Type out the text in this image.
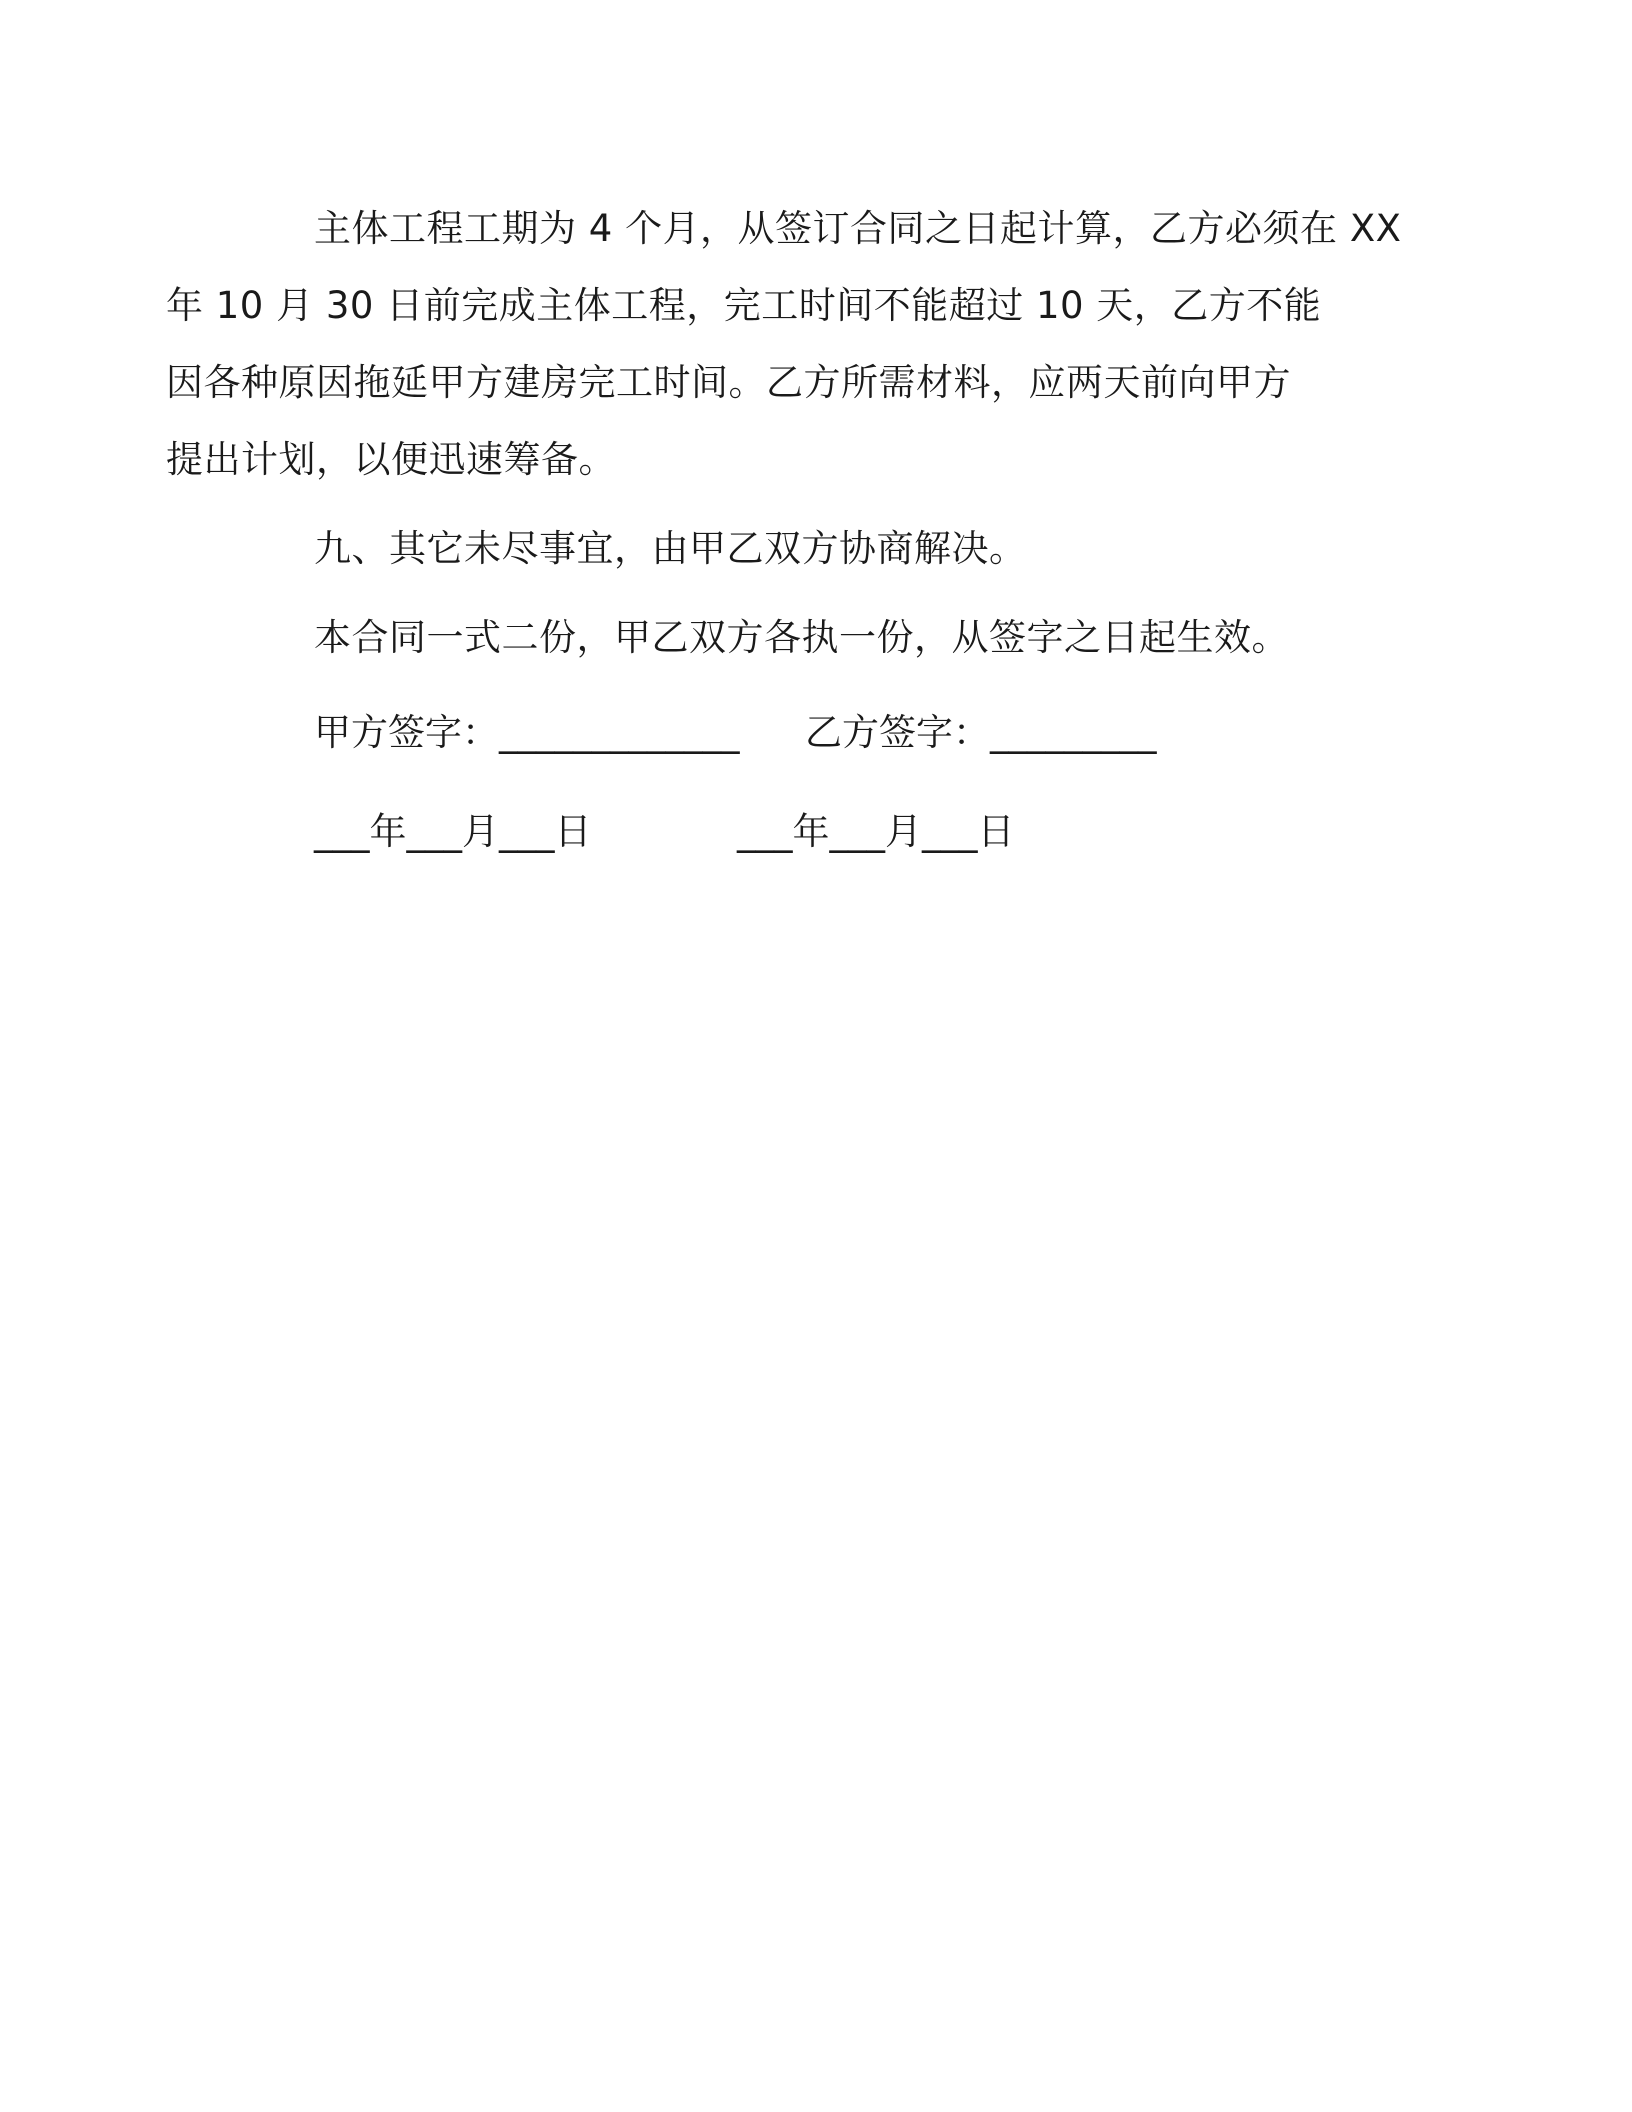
主体工程工期为 4 个月，从签订合同之日起计算，乙方必须在 XX
年 10 月 30 日前完成主体工程，完工时间不能超过 10 天，乙方不能
因各种原因拖延甲方建房完工时间。乙方所需材料，应两天前向甲方
提出计划，以便迅速筹备。

九、其它未尽事宜，由甲乙双方协商解决。

本合同一式二份，甲乙双方各执一份，从签字之日起生效。

甲方签字：_____________ 乙方签字：_________
___年___月___日	___年___月___日
